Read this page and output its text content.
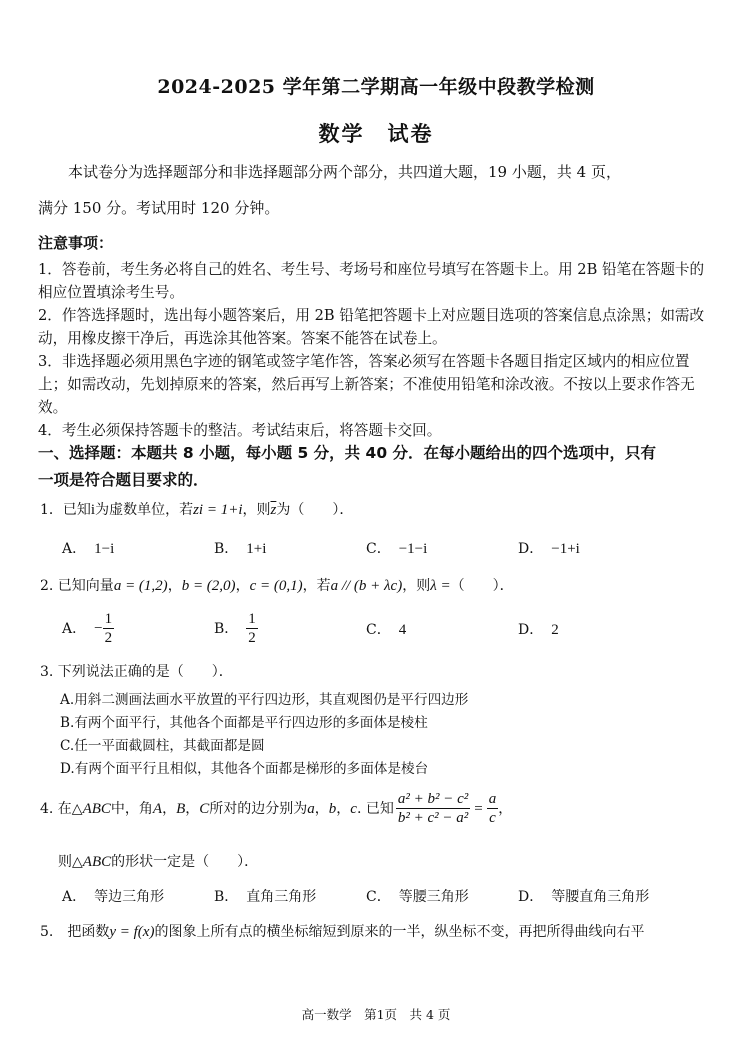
2024-2025 学年第二学期高一年级中段教学检测
数学　试卷
本试卷分为选择题部分和非选择题部分两个部分，共四道大题，19 小题，共 4 页，
满分 150 分。考试用时 120 分钟。
注意事项：
1．答卷前，考生务必将自己的姓名、考生号、考场号和座位号填写在答题卡上。用 2B 铅笔在答题卡的相应位置填涂考生号。
2．作答选择题时，选出每小题答案后，用 2B 铅笔把答题卡上对应题目选项的答案信息点涂黑；如需改动，用橡皮擦干净后，再选涂其他答案。答案不能答在试卷上。
3．非选择题必须用黑色字迹的钢笔或签字笔作答，答案必须写在答题卡各题目指定区域内的相应位置上；如需改动，先划掉原来的答案，然后再写上新答案；不准使用铅笔和涂改液。不按以上要求作答无效。
4．考生必须保持答题卡的整洁。考试结束后，将答题卡交回。
一、选择题：本题共 8 小题，每小题 5 分，共 40 分．在每小题给出的四个选项中，只有
一项是符合题目要求的．
1．已知i为虚数单位，若zi = 1+i，则$\overline{z}$为（　　）．
A． 1−i	B． 1+i	C． −1−i	D． −1+i
2. 已知向量a = (1,2)，b = (2,0)，c = (0,1)，若a // (b + λc)，则λ =（　　）．
A． − $\frac{1}{2}$	B． $\frac{1}{2}$	C． 4	D． 2
3. 下列说法正确的是（　　）．
A.用斜二测画法画水平放置的平行四边形，其直观图仍是平行四边形
B.有两个面平行，其他各个面都是平行四边形的多面体是棱柱
C.任一平面截圆柱，其截面都是圆
D.有两个面平行且相似，其他各个面都是梯形的多面体是棱台
4. 在△ ABC 中，角 A ， B ， C 所对的边分别为 a ， b ， c . 已知 $\frac{\text{a² + b² − c²}}{\text{b² + c² − a²}} = \frac{a}{c}$ ，
则△ABC的形状一定是（　　）．
A． 等边三角形	B． 直角三角形	C． 等腰三角形	D． 等腰直角三角形
5.　把函数y = f(x)的图象上所有点的横坐标缩短到原来的一半，纵坐标不变，再把所得曲线向右平
高一数学　第1页　共 4 页
